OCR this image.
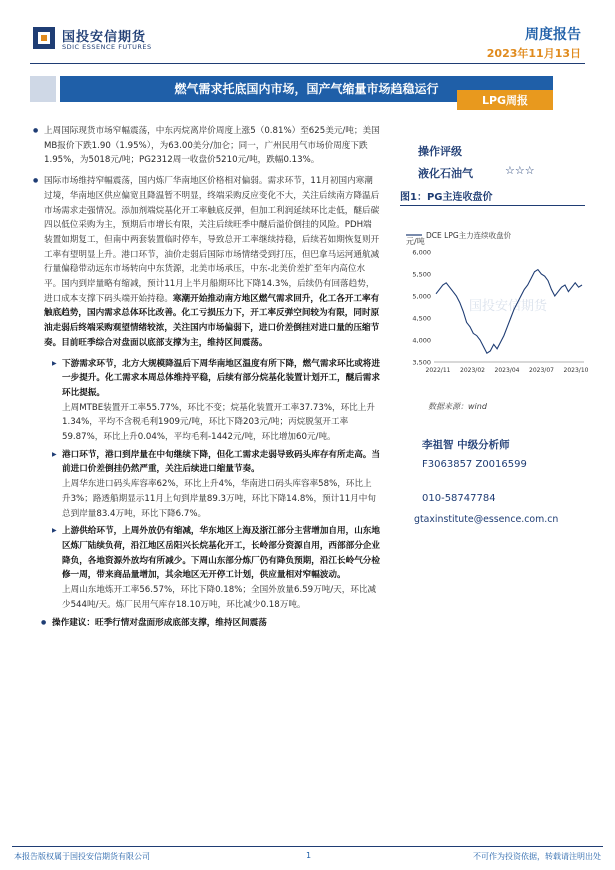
国投安信期货
SDIC ESSENCE FUTURES
周度报告
2023年11月13日
燃气需求托底国内市场，国产气缩量市场趋稳运行
LPG周报

● 上周国际现货市场窄幅震荡，中东丙烷离岸价周度上涨5（0.81%）至625美元/吨；美国MB报价下跌1.90（1.95%），为63.00美分/加仑；同一，广州民用气市场价周度下跌1.95%，为5018元/吨；PG2312周一收盘价5210元/吨，跌幅0.13%。

● 国际市场维持窄幅震荡，国内炼厂华南地区价格相对偏弱。需求环节，11月初国内寒潮过境，华南地区供应偏宽且降温暂不明显，终端采购反应变化不大，关注后续南方降温后市场需求走强情况。添加剂端烷基化开工率触底反弹，但加工利润延续环比走低，醚后碳四以低位采购为主，预期后市增长有限，关注后续旺季中醚后溢价倒挂的风险。PDH端装置如期复工，但南中两套装置临时停车，导致总开工率继续持稳，后续若如期恢复则开工率有望明显上升。港口环节，油价走弱后国际市场情绪受到打压，但巴拿马运河通航减行量偏稳带动远东市场转向中东货源，北美市场承压，中东-北美价差扩至年内高位水平。国内到岸量略有缩减，预计11月上半月船期环比下降14.3%，后续仍有回落趋势，进口成本支撑下码头端开始持稳。寒潮开始推动南方地区燃气需求回升，化工各开工率有触底趋势，国内需求总体环比改善。化工亏损压力下，开工率反弹空间较为有限，同时原油走弱后终端采购观望情绪较浓，关注国内市场偏弱下，进口价差倒挂对进口量的压缩节奏。目前旺季综合对盘面以底部支撑为主，维持区间震荡。

▶ 下游需求环节，北方大规模降温后下周华南地区温度有所下降，燃气需求环比或将进一步提升。化工需求本周总体维持平稳，后续有部分烷基化装置计划开工，醚后需求环比提振。
上周MTBE装置开工率55.77%，环比不变；烷基化装置开工率37.73%，环比上升1.34%，平均不含税毛利1909元/吨，环比下降203元/吨；丙烷脱氢开工率59.87%，环比上升0.04%，平均毛利-1442元/吨，环比增加60元/吨。
▶ 港口环节，港口到岸量在中旬继续下降，但化工需求走弱导致码头库存有所走高。当前进口价差倒挂仍然严重，关注后续进口缩量节奏。
上周华东进口码头库容率62%，环比上升4%，华南进口码头库容率58%，环比上升3%；路透船期显示11月上旬到岸量89.3万吨，环比下降14.8%，预计11月中旬总到岸量83.4万吨，环比下降6.7%。
▶ 上游供给环节，上周外放仍有缩减，华东地区上海及浙江部分主营增加自用，山东地区炼厂陆续负荷，沿江地区岳阳兴长烷基化开工，长岭部分资源自用，西部部分企业降负，各地资源外放均有所减少。下周山东部分炼厂仍有降负预期，沿江长岭气分检修一周，带来商品量增加，其余地区无开停工计划，供应量相对窄幅波动。
上周山东地炼开工率56.57%，环比下降0.18%；全国外放量6.59万吨/天，环比减少544吨/天。炼厂民用气库存18.10万吨，环比减少0.18万吨。

● 操作建议：旺季行情对盘面形成底部支撑，维持区间震荡

操作评级
液化石油气	☆☆☆
图1：PG主连收盘价
国投安信期货
元/吨
DCE LPG主力连续收盘价
6,000
5,500
5,000
4,500
4,000
3,500
2022/11 2023/02 2023/04 2023/07 2023/10
数据来源：wind
李祖智 中级分析师
F3063857 Z0016599
010-58747784
gtaxinstitute@essence.com.cn
本报告版权属于国投安信期货有限公司	1	不可作为投资依据，转载请注明出处
